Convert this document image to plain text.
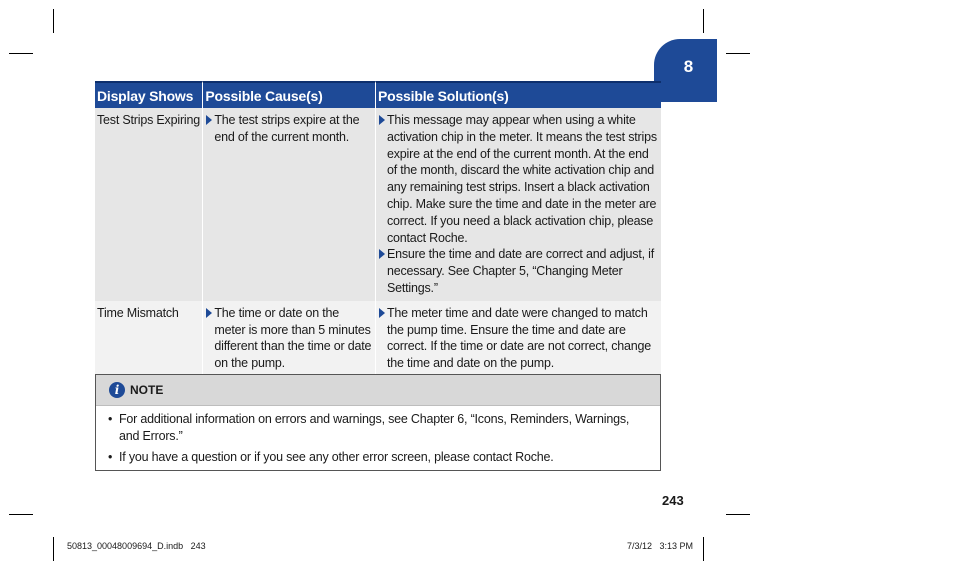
8
Display Shows	Possible Cause(s)	Possible Solution(s)
Test Strips Expiring	The test strips expire at the end of the current month.	This message may appear when using a white activation chip in the meter. It means the test strips expire at the end of the current month. At the end of the month, discard the white activation chip and any remaining test strips. Insert a black activation chip. Make sure the time and date in the meter are correct. If you need a black activation chip, please contact Roche.
Ensure the time and date are correct and adjust, if necessary. See Chapter 5, “Changing Meter Settings.”

Time Mismatch	The time or date on the meter is more than 5 minutes different than the time or date on the pump.	The meter time and date were changed to match the pump time. Ensure the time and date are correct. If the time or date are not correct, change the time and date on the pump.
i NOTE
• For additional information on errors and warnings, see Chapter 6, “Icons, Reminders, Warnings, and Errors.”
• If you have a question or if you see any other error screen, please contact Roche.
243
50813_00048009694_D.indb   243	7/3/12   3:13 PM
